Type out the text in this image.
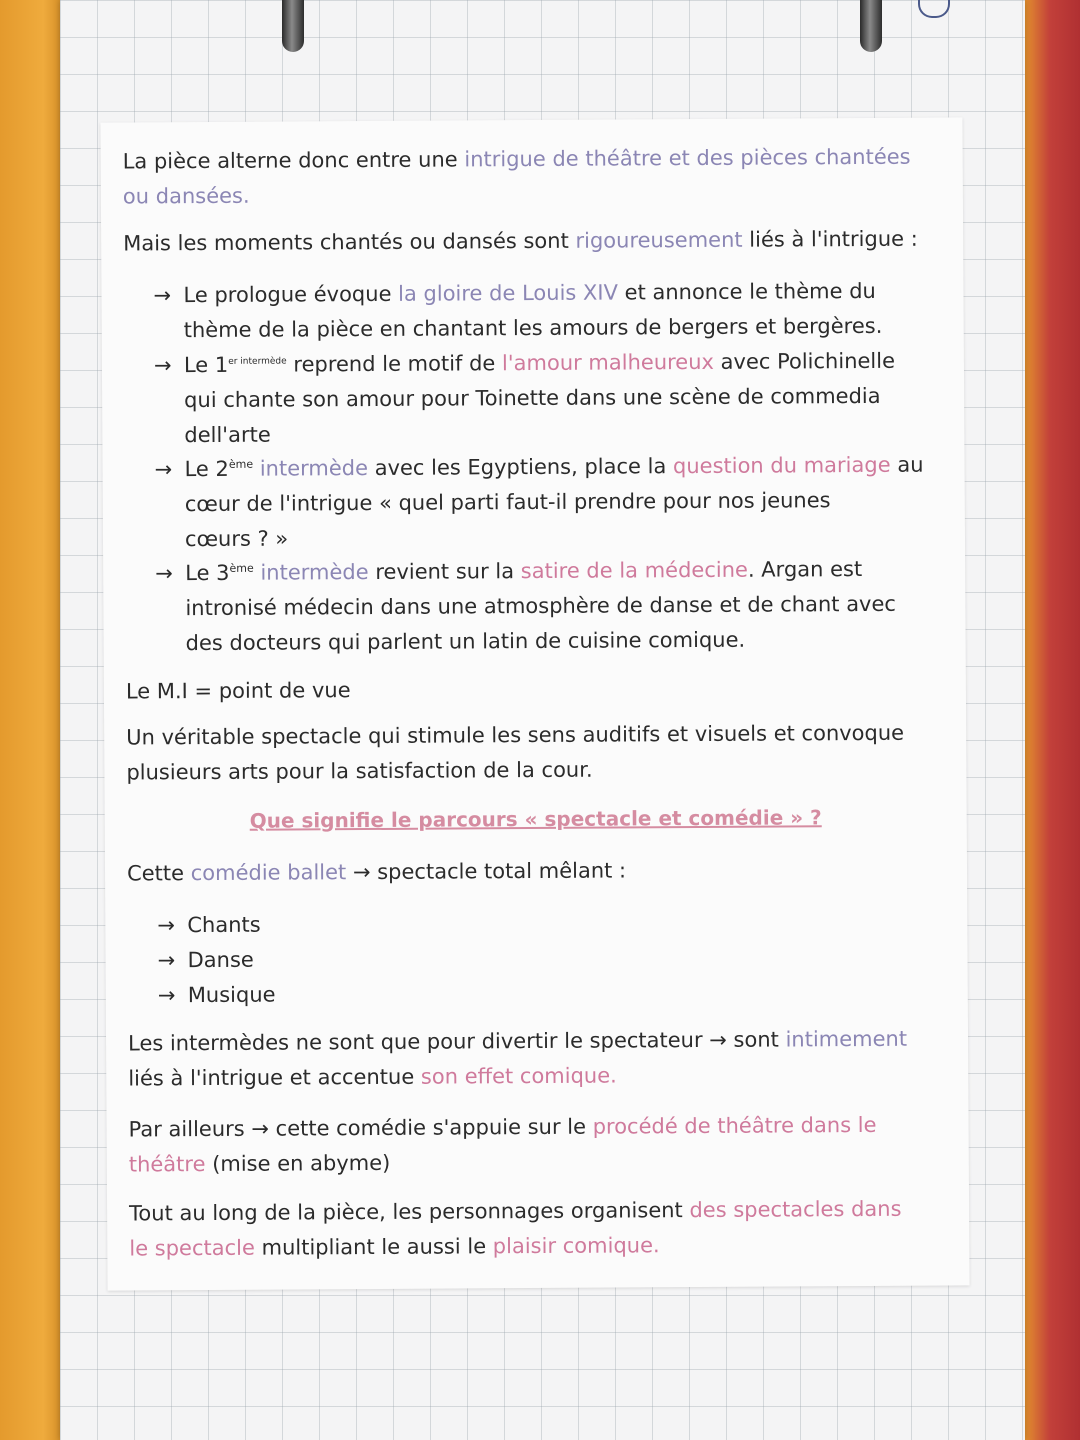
La pièce alterne donc entre une intrigue de théâtre et des pièces chantées
ou dansées.

Mais les moments chantés ou dansés sont rigoureusement liés à l'intrigue :

→ Le prologue évoque la gloire de Louis XIV et annonce le thème du
thème de la pièce en chantant les amours de bergers et bergères.

→ Le $1^{er intermède}$ reprend le motif de l'amour malheureux avec Polichinelle
qui chante son amour pour Toinette dans une scène de commedia
dell'arte

→ Le 2ème intermède avec les Egyptiens, place la question du mariage au
cœur de l'intrigue « quel parti faut-il prendre pour nos jeunes
cœurs ? »

→ Le 3ème intermède revient sur la satire de la médecine. Argan est
intronisé médecin dans une atmosphère de danse et de chant avec
des docteurs qui parlent un latin de cuisine comique.

Le M.I = point de vue

Un véritable spectacle qui stimule les sens auditifs et visuels et convoque
plusieurs arts pour la satisfaction de la cour.

Que signifie le parcours « spectacle et comédie » ?

Cette comédie ballet → spectacle total mêlant :

→ Chants

→ Danse

→ Musique

Les intermèdes ne sont que pour divertir le spectateur → sont intimement
liés à l'intrigue et accentue son effet comique.

Par ailleurs → cette comédie s'appuie sur le procédé de théâtre dans le
théâtre (mise en abyme)

Tout au long de la pièce, les personnages organisent des spectacles dans
le spectacle multipliant le aussi le plaisir comique.
